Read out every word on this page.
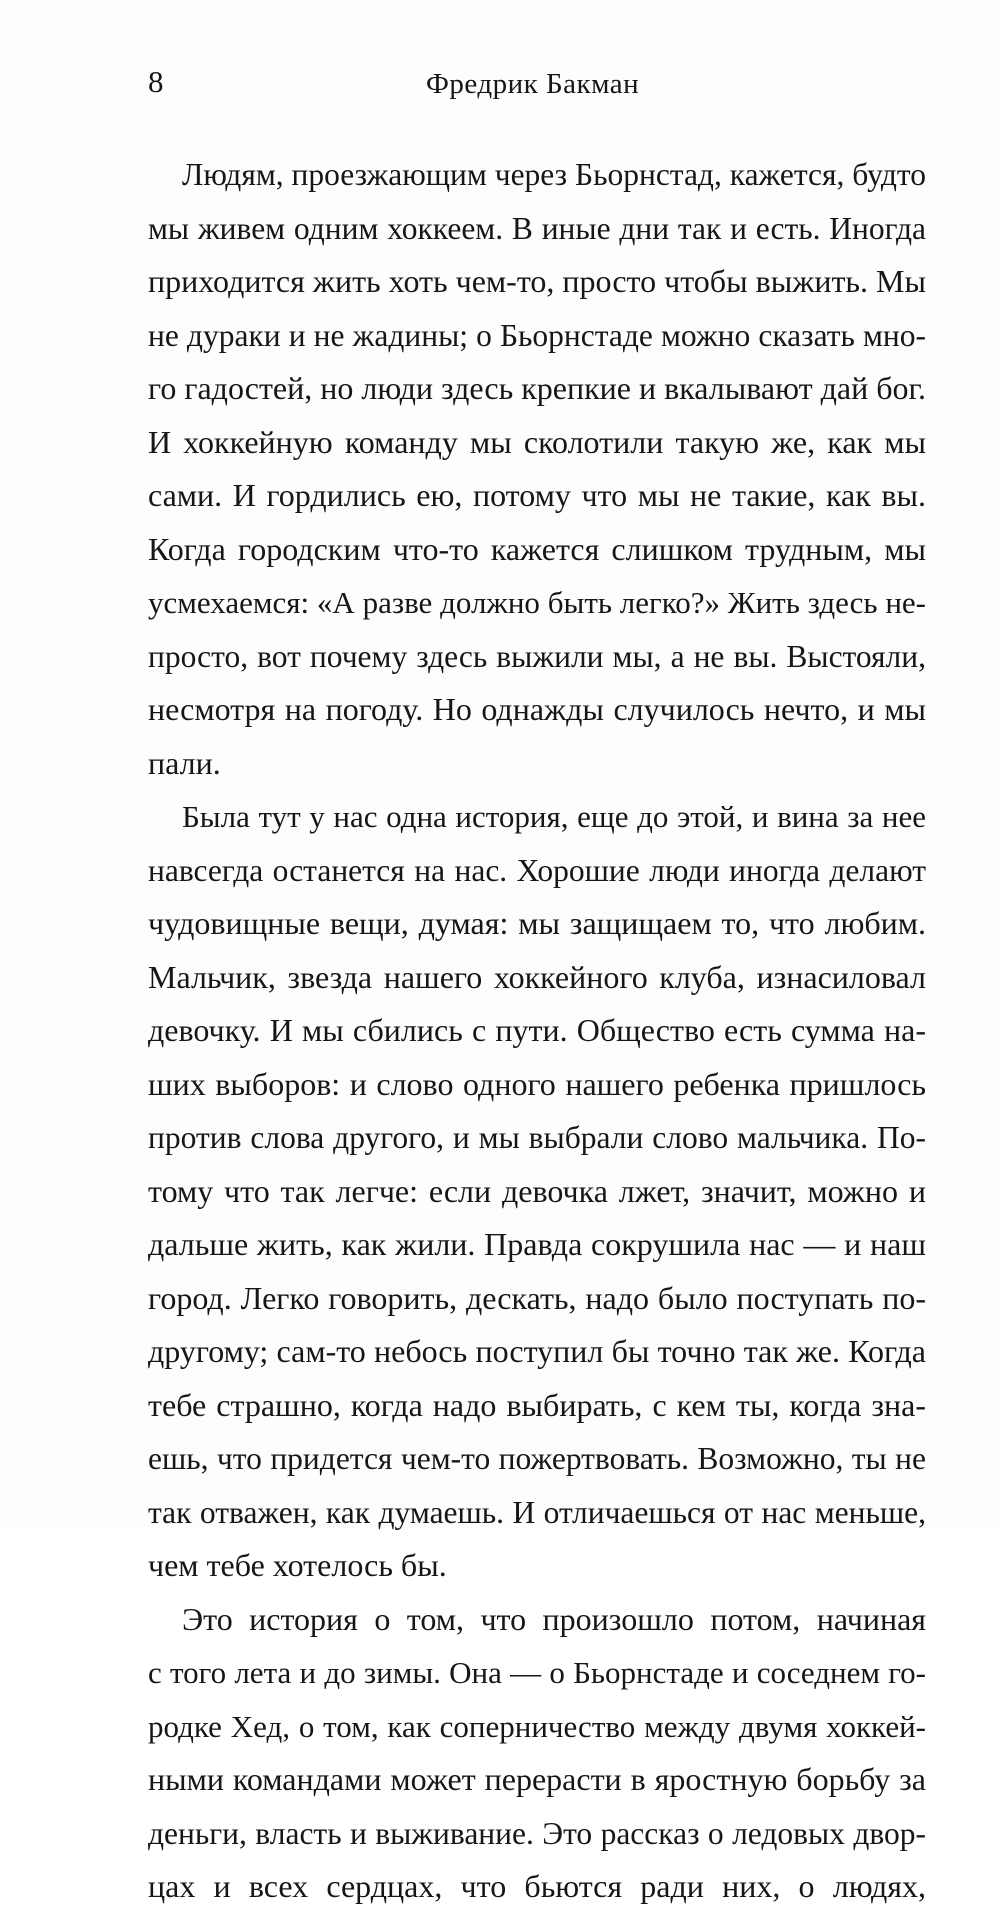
8	Фредрик Бакман
Людям, проезжающим через Бьорнстад, кажется, будто
мы живем одним хоккеем. В иные дни так и есть. Иногда
приходится жить хоть чем-то, просто чтобы выжить. Мы
не дураки и не жадины; о Бьорнстаде можно сказать мно-
го гадостей, но люди здесь крепкие и вкалывают дай бог.
И хоккейную команду мы сколотили такую же, как мы
сами. И гордились ею, потому что мы не такие, как вы.
Когда городским что-то кажется слишком трудным, мы
усмехаемся: «А разве должно быть легко?» Жить здесь не-
просто, вот почему здесь выжили мы, а не вы. Выстояли,
несмотря на погоду. Но однажды случилось нечто, и мы
пали.
Была тут у нас одна история, еще до этой, и вина за нее
навсегда останется на нас. Хорошие люди иногда делают
чудовищные вещи, думая: мы защищаем то, что любим.
Мальчик, звезда нашего хоккейного клуба, изнасиловал
девочку. И мы сбились с пути. Общество есть сумма на-
ших выборов: и слово одного нашего ребенка пришлось
против слова другого, и мы выбрали слово мальчика. По-
тому что так легче: если девочка лжет, значит, можно и
дальше жить, как жили. Правда сокрушила нас — и наш
город. Легко говорить, дескать, надо было поступать по-
другому; сам-то небось поступил бы точно так же. Когда
тебе страшно, когда надо выбирать, с кем ты, когда зна-
ешь, что придется чем-то пожертвовать. Возможно, ты не
так отважен, как думаешь. И отличаешься от нас меньше,
чем тебе хотелось бы.
Это история о том, что произошло потом, начиная
с того лета и до зимы. Она — о Бьорнстаде и соседнем го-
родке Хед, о том, как соперничество между двумя хоккей-
ными командами может перерасти в яростную борьбу за
деньги, власть и выживание. Это рассказ о ледовых двор-
цах и всех сердцах, что бьются ради них, о людях,
